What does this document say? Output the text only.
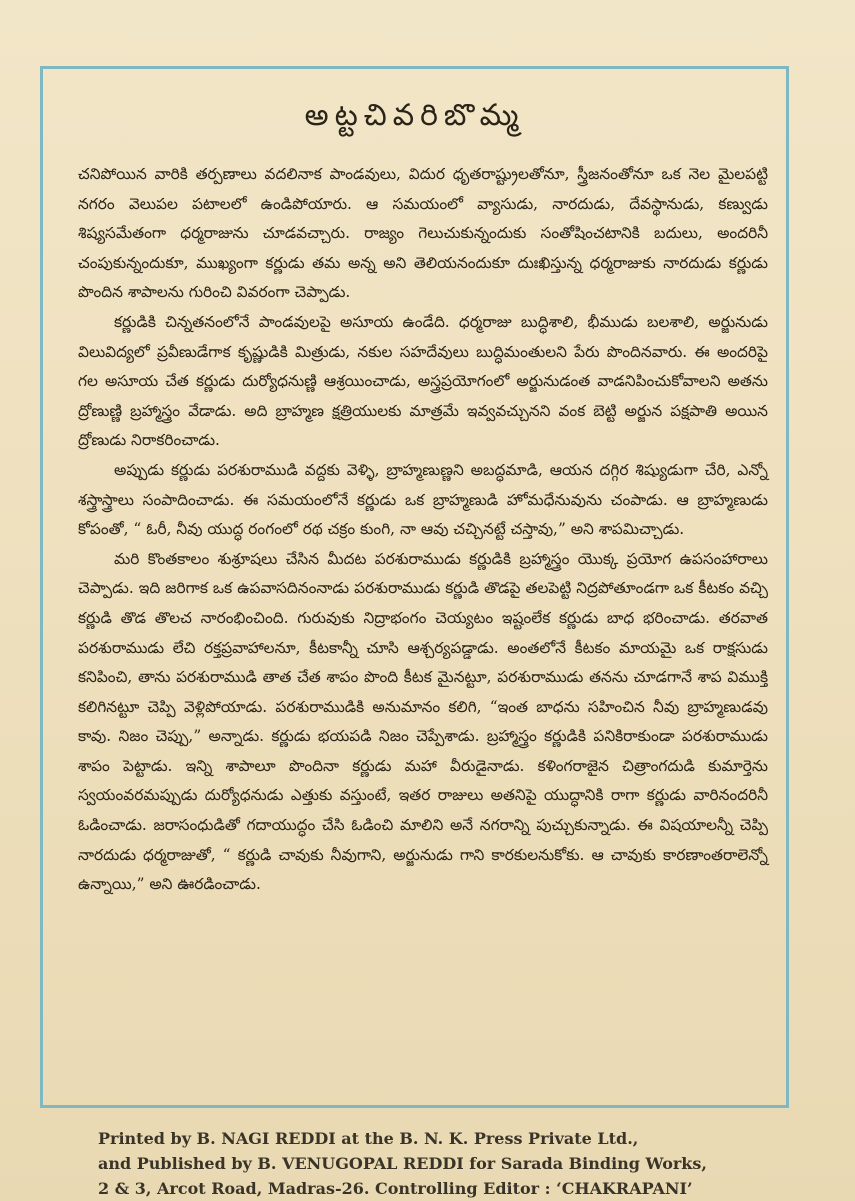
అట్టచివరిబొమ్మ

చనిపోయిన వారికి తర్పణాలు వదలినాక పాండవులు, విదుర ధృతరాష్ట్రులతోనూ, స్త్రీజనంతోనూ ఒక నెల మైలపట్టి నగరం వెలుపల పటాలలో ఉండిపోయారు. ఆ సమయంలో వ్యాసుడు, నారదుడు, దేవస్థానుడు, కణ్వుడు శిష్యసమేతంగా ధర్మరాజును చూడవచ్చారు. రాజ్యం గెలుచుకున్నందుకు సంతోషించటానికి బదులు, అందరినీ చంపుకున్నందుకూ, ముఖ్యంగా కర్ణుడు తమ అన్న అని తెలియనందుకూ దుఃఖిస్తున్న ధర్మరాజుకు నారదుడు కర్ణుడు పొందిన శాపాలను గురించి వివరంగా చెప్పాడు.

కర్ణుడికి చిన్నతనంలోనే పాండవులపై అసూయ ఉండేది. ధర్మరాజు బుద్ధిశాలి, భీముడు బలశాలి, అర్జునుడు విలువిద్యలో ప్రవీణుడేగాక కృష్ణుడికి మిత్రుడు, నకుల సహదేవులు బుద్ధిమంతులని పేరు పొందినవారు. ఈ అందరిపై గల అసూయ చేత కర్ణుడు దుర్యోధనుణ్ణి ఆశ్రయించాడు, అస్త్రప్రయోగంలో అర్జునుడంత వాడనిపించుకోవాలని అతను ద్రోణుణ్ణి బ్రహ్మాస్త్రం వేడాడు. అది బ్రాహ్మణ క్షత్రియులకు మాత్రమే ఇవ్వవచ్చునని వంక బెట్టి అర్జున పక్షపాతి అయిన ద్రోణుడు నిరాకరించాడు.

అప్పుడు కర్ణుడు పరశురాముడి వద్దకు వెళ్ళి, బ్రాహ్మణుణ్ణని అబద్ధమాడి, ఆయన దగ్గిర శిష్యుడుగా చేరి, ఎన్నో శస్త్రాస్త్రాలు సంపాదించాడు. ఈ సమయంలోనే కర్ణుడు ఒక బ్రాహ్మణుడి హోమధేనువును చంపాడు. ఆ బ్రాహ్మణుడు కోపంతో, “ ఓరీ, నీవు యుద్ధ రంగంలో రథ చక్రం కుంగి, నా ఆవు చచ్చినట్టే చస్తావు,” అని శాపమిచ్చాడు.

మరి కొంతకాలం శుశ్రూషలు చేసిన మీదట పరశురాముడు కర్ణుడికి బ్రహ్మాస్త్రం యొక్క ప్రయోగ ఉపసంహారాలు చెప్పాడు. ఇది జరిగాక ఒక ఉపవాసదినంనాడు పరశురాముడు కర్ణుడి తొడపై తలపెట్టి నిద్రపోతూండగా ఒక కీటకం వచ్చి కర్ణుడి తొడ తొలచ నారంభించింది. గురువుకు నిద్రాభంగం చెయ్యటం ఇష్టంలేక కర్ణుడు బాధ భరించాడు. తరవాత పరశురాముడు లేచి రక్తప్రవాహాలనూ, కీటకాన్నీ చూసి ఆశ్చర్యపడ్డాడు. అంతలోనే కీటకం మాయమై ఒక రాక్షసుడు కనిపించి, తాను పరశురాముడి తాత చేత శాపం పొంది కీటక మైనట్టూ, పరశురాముడు తనను చూడగానే శాప విముక్తి కలిగినట్టూ చెప్పి వెళ్లిపోయాడు. పరశురాముడికి అనుమానం కలిగి, “ఇంత బాధను సహించిన నీవు బ్రాహ్మణుడవు కావు. నిజం చెప్పు,” అన్నాడు. కర్ణుడు భయపడి నిజం చెప్పేశాడు. బ్రహ్మాస్త్రం కర్ణుడికి పనికిరాకుండా పరశురాముడు శాపం పెట్టాడు. ఇన్ని శాపాలూ పొందినా కర్ణుడు మహా వీరుడైనాడు. కళింగరాజైన చిత్రాంగదుడి కుమార్తెను స్వయంవరమప్పుడు దుర్యోధనుడు ఎత్తుకు వస్తుంటే, ఇతర రాజులు అతనిపై యుద్ధానికి రాగా కర్ణుడు వారినందరినీ ఓడించాడు. జరాసంధుడితో గదాయుద్ధం చేసి ఓడించి మాలిని అనే నగరాన్ని పుచ్చుకున్నాడు. ఈ విషయాలన్నీ చెప్పి నారదుడు ధర్మరాజుతో, “ కర్ణుడి చావుకు నీవుగాని, అర్జునుడు గాని కారకులనుకోకు. ఆ చావుకు కారణాంతరాలెన్నో ఉన్నాయి,” అని ఊరడించాడు.

Printed by B. NAGI REDDI at the B. N. K. Press Private Ltd.,
and Published by B. VENUGOPAL REDDI for Sarada Binding Works,
2 & 3, Arcot Road, Madras-26. Controlling Editor : ‘CHAKRAPANI’
